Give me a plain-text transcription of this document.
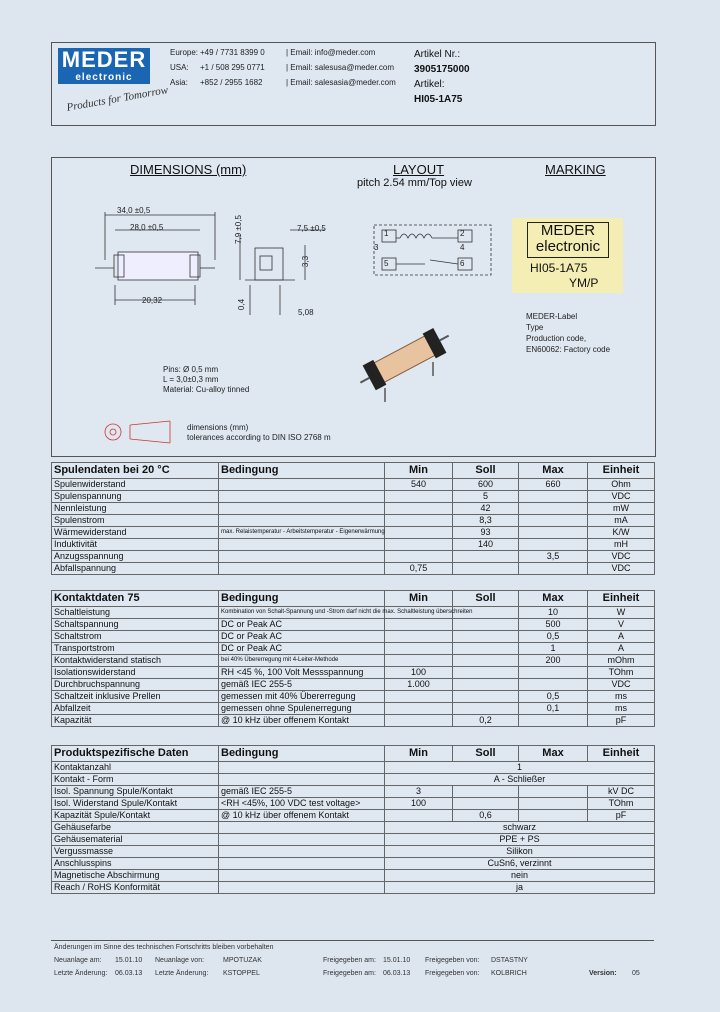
MEDER
electronic
Products for Tomorrow
Europe:
USA:
Asia:
+49 / 7731 8399 0
+1 / 508 295 0771
+852 / 2955 1682
| Email: info@meder.com
| Email: salesusa@meder.com
| Email: salesasia@meder.com
Artikel Nr.:
3905175000
Artikel:
HI05-1A75
DIMENSIONS (mm)	LAYOUT
pitch 2.54 mm/Top view
MARKING
34,0 ±0,5
28,0 ±0,5
20,32
7,5 ±0,5
7,9 ±0,5
3,3
0,4
5,08
Pins: Ø 0,5 mm
L = 3,0±0,3 mm
Material: Cu-alloy tinned
dimensions (mm)
tolerances according to DIN ISO 2768 m
1	2
3	4
5	6
MEDER
electronic
HI05-1A75
YM/P
MEDER-Label
Type
Production code,
EN60062: Factory code
Spulendaten bei 20 °C	Bedingung	Min	Soll	Max	Einheit
Spulenwiderstand		540	600	660	Ohm
Spulenspannung			5		VDC
Nennleistung			42		mW
Spulenstrom			8,3		mA
Wärmewiderstand	max. Relaistemperatur - Arbeitstemperatur - Eigenerwärmung		93		K/W
Induktivität			140		mH
Anzugsspannung				3,5	VDC
Abfallspannung		0,75			VDC
Kontaktdaten 75	Bedingung	Min	Soll	Max	Einheit
Schaltleistung	Kombination von Schalt-Spannung und -Strom darf nicht die max. Schaltleistung überschreiten			10	W
Schaltspannung	DC or Peak AC			500	V
Schaltstrom	DC or Peak AC			0,5	A
Transportstrom	DC or Peak AC			1	A
Kontaktwiderstand statisch	bei 40% Übererregung mit 4-Leiter-Methode			200	mOhm
Isolationswiderstand	RH <45 %, 100 Volt Messspannung	100			TOhm
Durchbruchspannung	gemäß IEC 255-5	1.000			VDC
Schaltzeit inklusive Prellen	gemessen mit 40% Übererregung			0,5	ms
Abfallzeit	gemessen ohne Spulenerregung			0,1	ms
Kapazität	@ 10 kHz über offenem Kontakt		0,2		pF
Produktspezifische Daten	Bedingung	Min	Soll	Max	Einheit
Kontaktanzahl		1			
Kontakt - Form		A - Schließer			
Isol. Spannung Spule/Kontakt	gemäß IEC 255-5	3			kV DC
Isol. Widerstand Spule/Kontakt	<RH <45%, 100 VDC test voltage>	100			TOhm
Kapazität Spule/Kontakt	@ 10 kHz über offenem Kontakt		0,6		pF
Gehäusefarbe		schwarz			
Gehäusematerial		PPE + PS			
Vergussmasse		Silikon			
Anschlusspins		CuSn6, verzinnt			
Magnetische Abschirmung		nein			
Reach / RoHS Konformität		ja			
Änderungen im Sinne des technischen Fortschritts bleiben vorbehalten
Neuanlage am: 15.01.10 Neuanlage von:	MPOTUZAK	Freigegeben am: 15.01.10 Freigegeben von: DSTASTNY
Letzte Änderung: 06.03.13 Letzte Änderung: KSTOPPEL	Freigegeben am: 06.03.13 Freigegeben von: KOLBRICH	Version: 05
